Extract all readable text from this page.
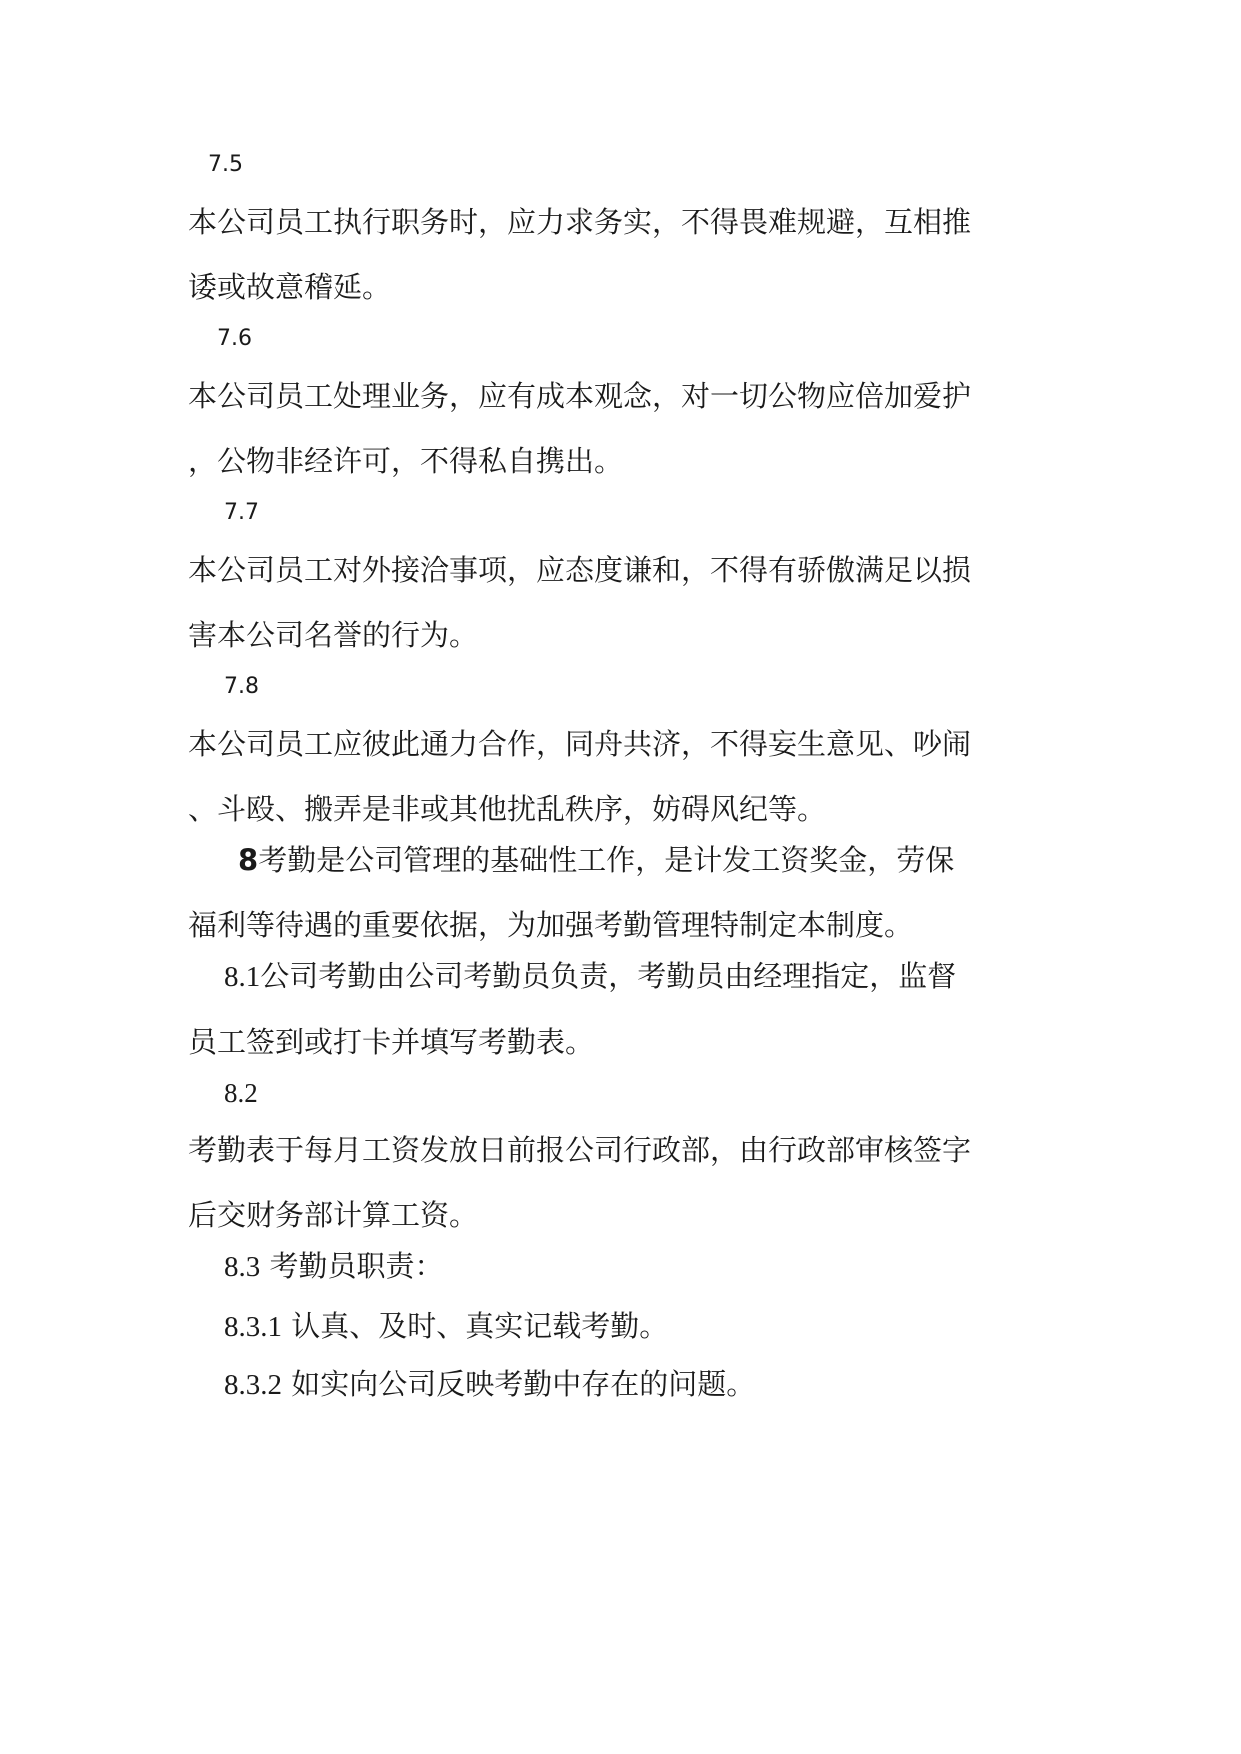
7.5

本公司员工执行职务时，应力求务实，不得畏难规避，互相推
诿或故意稽延。

7.6

本公司员工处理业务，应有成本观念，对一切公物应倍加爱护
，公物非经许可，不得私自携出。

7.7

本公司员工对外接洽事项，应态度谦和，不得有骄傲满足以损
害本公司名誉的行为。

7.8

本公司员工应彼此通力合作，同舟共济，不得妄生意见、吵闹
、斗殴、搬弄是非或其他扰乱秩序，妨碍风纪等。

8考勤是公司管理的基础性工作，是计发工资奖金，劳保
福利等待遇的重要依据，为加强考勤管理特制定本制度。

8.1公司考勤由公司考勤员负责，考勤员由经理指定，监督
员工签到或打卡并填写考勤表。

8.2

考勤表于每月工资发放日前报公司行政部，由行政部审核签字
后交财务部计算工资。

8.3 考勤员职责：

8.3.1 认真、及时、真实记载考勤。

8.3.2 如实向公司反映考勤中存在的问题。
